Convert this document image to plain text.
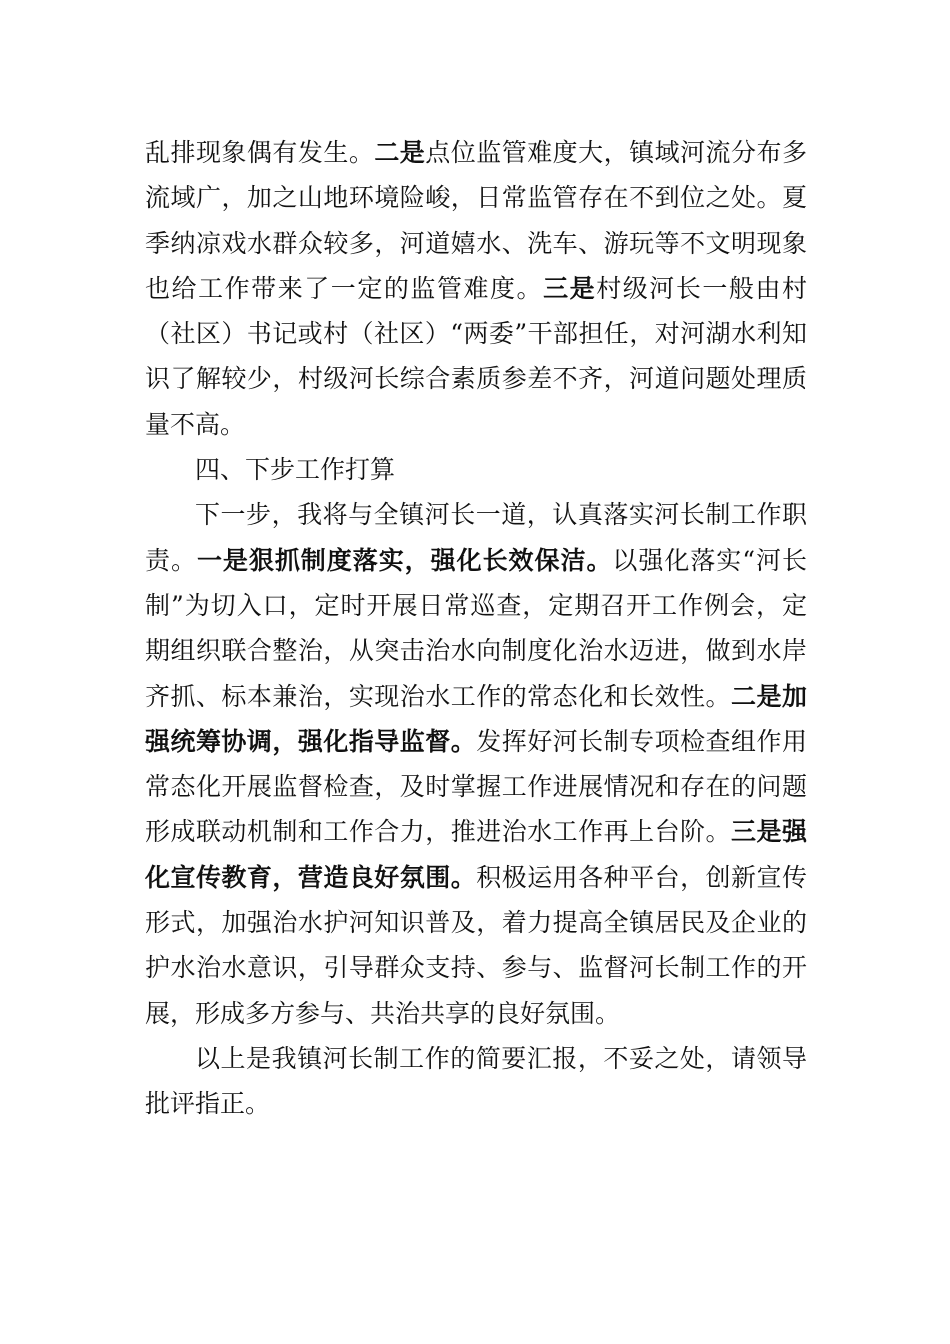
乱排现象偶有发生。二是点位监管难度大，镇域河流分布多流域广，加之山地环境险峻，日常监管存在不到位之处。夏季纳凉戏水群众较多，河道嬉水、洗车、游玩等不文明现象也给工作带来了一定的监管难度。三是村级河长一般由村（社区）书记或村（社区）“两委”干部担任，对河湖水利知识了解较少，村级河长综合素质参差不齐，河道问题处理质量不高。

四、下步工作打算

下一步，我将与全镇河长一道，认真落实河长制工作职责。一是狠抓制度落实，强化长效保洁。以强化落实“河长制”为切入口，定时开展日常巡查，定期召开工作例会，定期组织联合整治，从突击治水向制度化治水迈进，做到水岸齐抓、标本兼治，实现治水工作的常态化和长效性。二是加强统筹协调，强化指导监督。发挥好河长制专项检查组作用常态化开展监督检查，及时掌握工作进展情况和存在的问题形成联动机制和工作合力，推进治水工作再上台阶。三是强化宣传教育，营造良好氛围。积极运用各种平台，创新宣传形式，加强治水护河知识普及，着力提高全镇居民及企业的护水治水意识，引导群众支持、参与、监督河长制工作的开展，形成多方参与、共治共享的良好氛围。

以上是我镇河长制工作的简要汇报，不妥之处，请领导批评指正。
